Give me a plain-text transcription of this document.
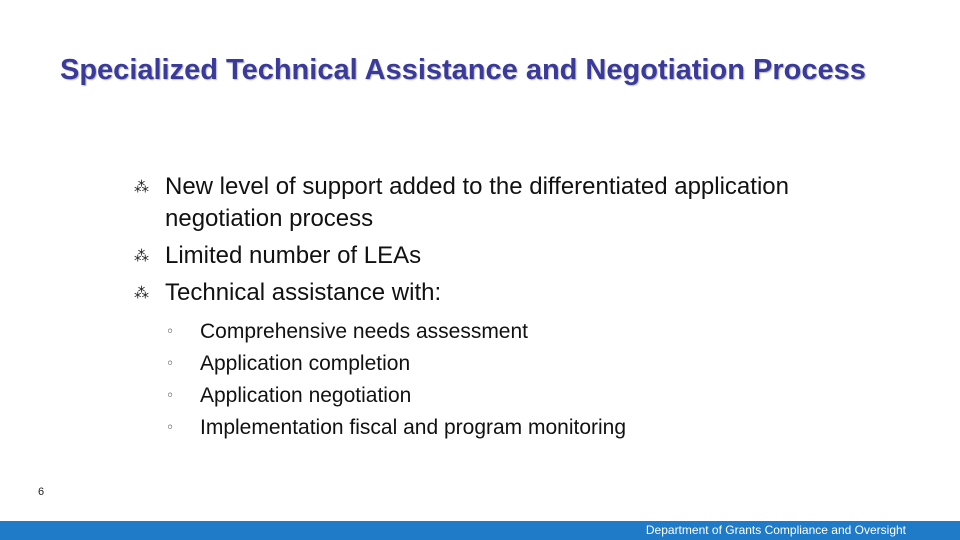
Specialized Technical Assistance and Negotiation Process
⁂ New level of support added to the differentiated application negotiation process
⁂ Limited number of LEAs
⁂ Technical assistance with:
◦ Comprehensive needs assessment
◦ Application completion
◦ Application negotiation
◦ Implementation fiscal and program monitoring
6
Department of Grants Compliance and Oversight
